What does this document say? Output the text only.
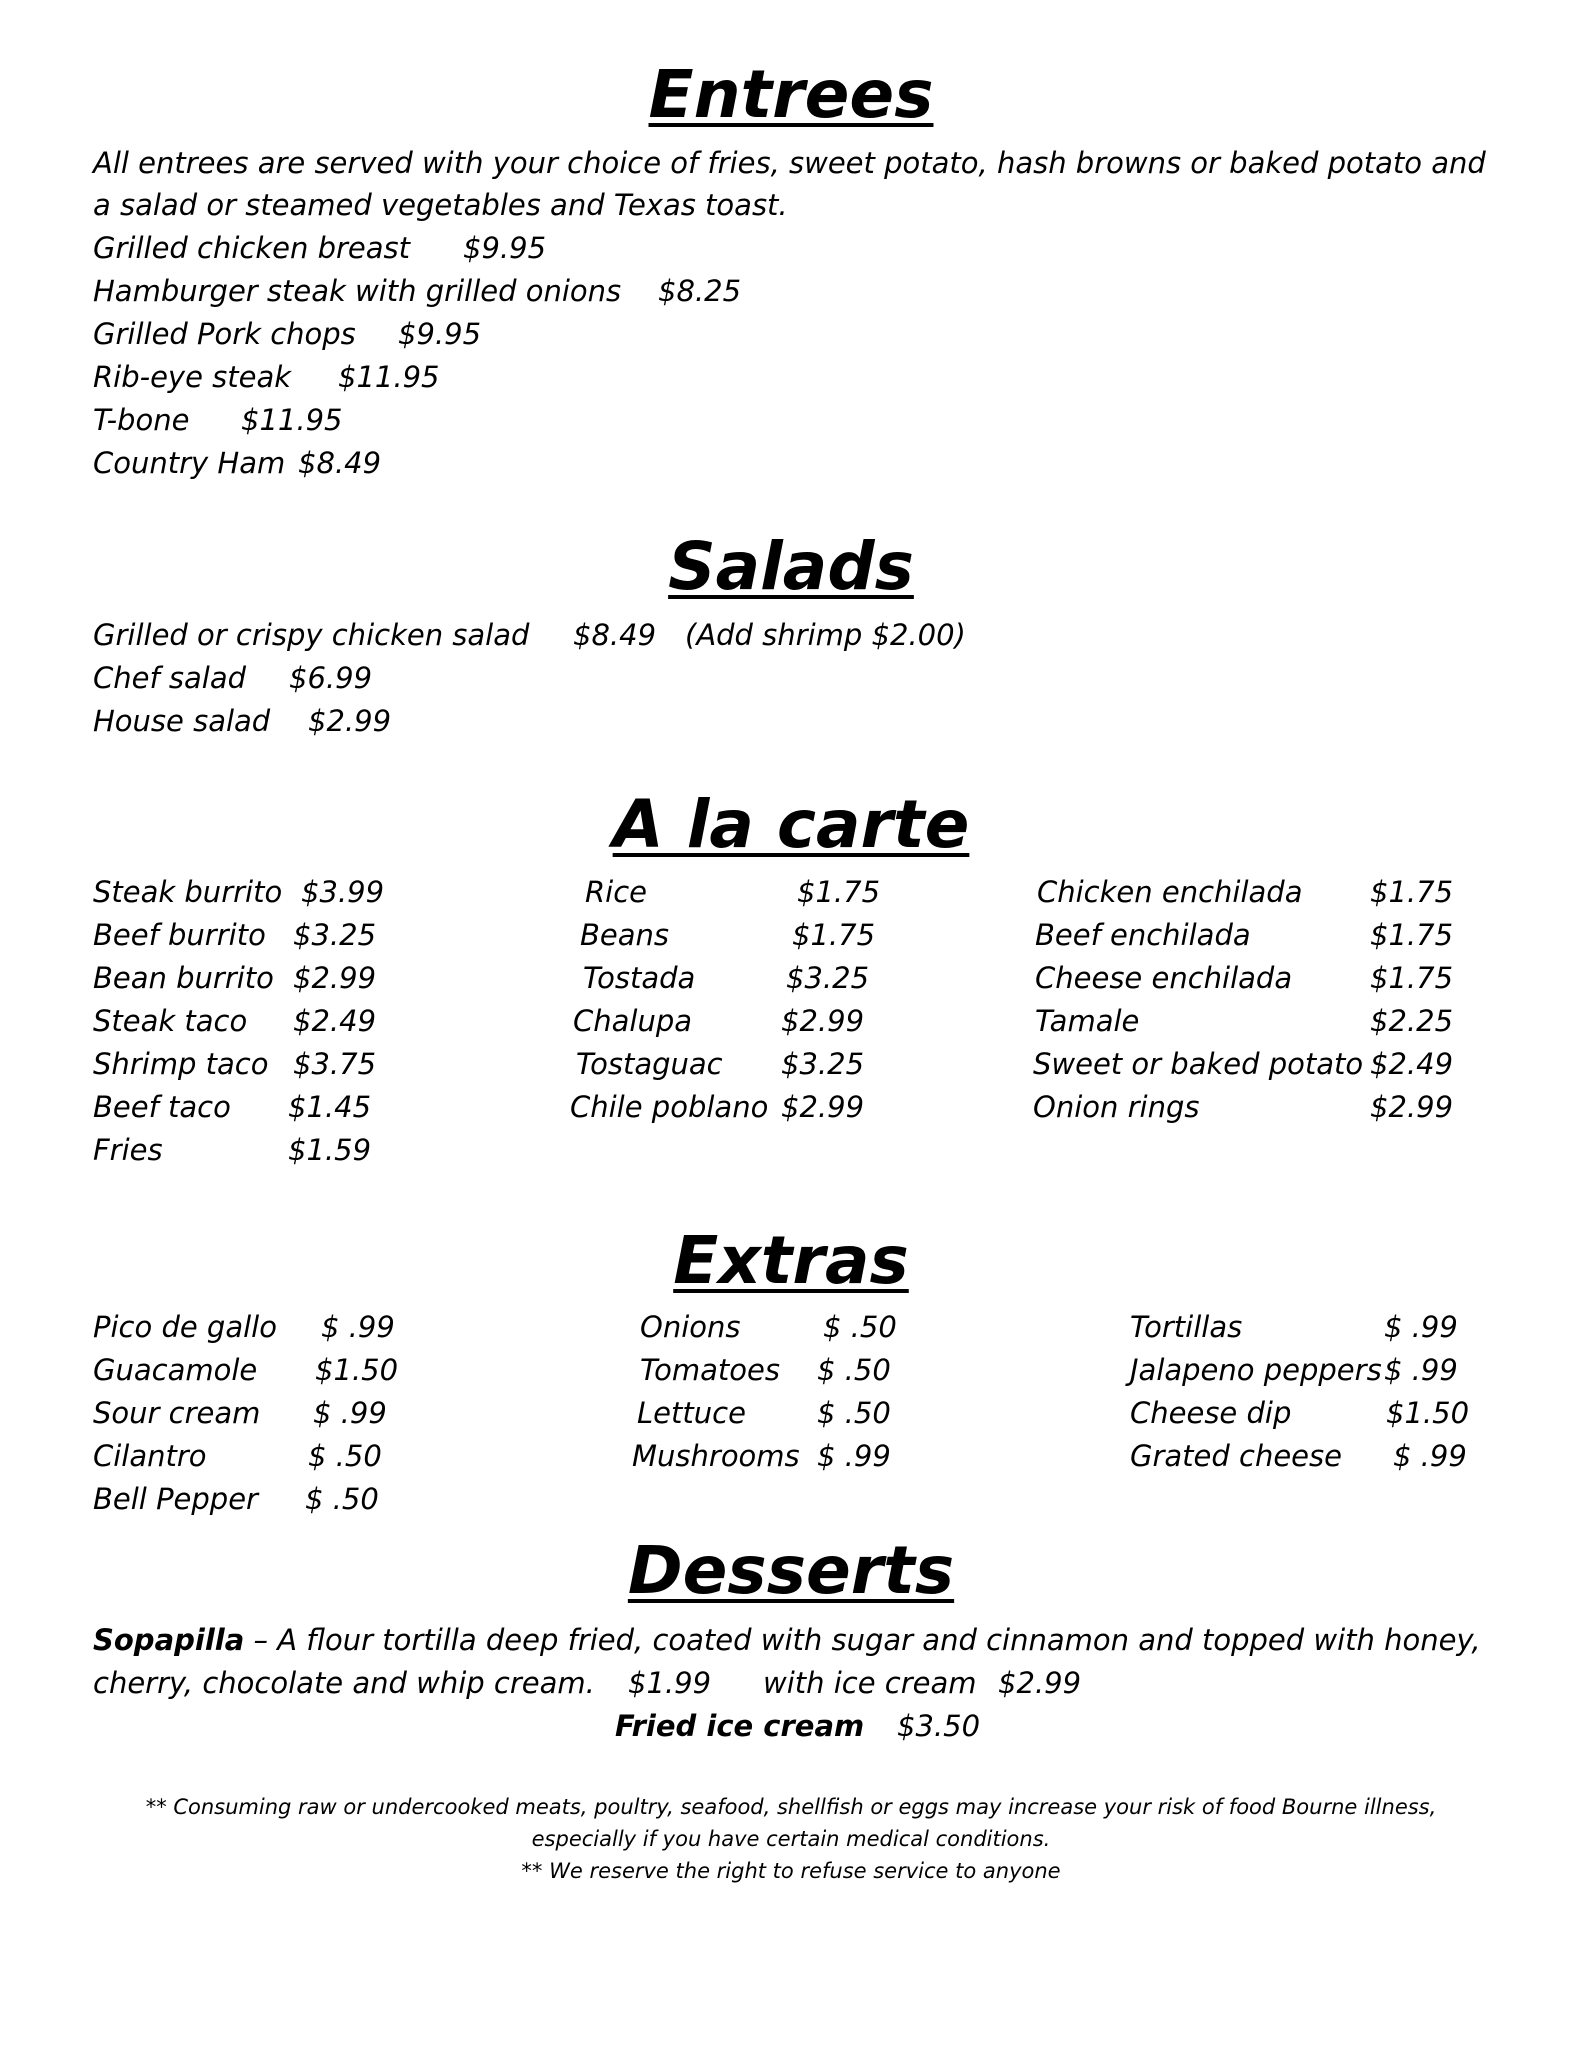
Entrees
All entrees are served with your choice of fries, sweet potato, hash browns or baked potato and
a salad or steamed vegetables and Texas toast.
Grilled chicken breast $9.95
Hamburger steak with grilled onions $8.25
Grilled Pork chops $9.95
Rib-eye steak $11.95
T-bone $11.95
Country Ham $8.49
Salads
Grilled or crispy chicken salad $8.49 (Add shrimp $2.00)
Chef salad $6.99
House salad $2.99
A la carte
Steak burrito $3.99
Beef burrito $3.25
Bean burrito $2.99
Steak taco $2.49
Shrimp taco $3.75
Beef taco $1.45
Fries	$1.59
Rice	$1.75
Beans	$1.75
Tostada	$3.25
Chalupa	$2.99
Tostaguac $3.25
Chile poblano $2.99
Chicken enchilada $1.75
Beef enchilada	$1.75
Cheese enchilada	$1.75
Tamale	$2.25
Sweet or baked potato $2.49
Onion rings	$2.99
Extras
Pico de gallo $ .99
Guacamole $1.50
Sour cream $ .99
Cilantro	$ .50
Bell Pepper $ .50
Onions	$ .50
Tomatoes $ .50
Lettuce $ .50
Mushrooms $ .99
Tortillas	$ .99
Jalapeno peppers $ .99
Cheese dip	$1.50
Grated cheese $ .99
Desserts
Sopapilla – A flour tortilla deep fried, coated with sugar and cinnamon and topped with honey,
cherry, chocolate and whip cream. $1.99 with ice cream $2.99
Fried ice cream $3.50
** Consuming raw or undercooked meats, poultry, seafood, shellfish or eggs may increase your risk of food Bourne illness,
especially if you have certain medical conditions.
** We reserve the right to refuse service to anyone
